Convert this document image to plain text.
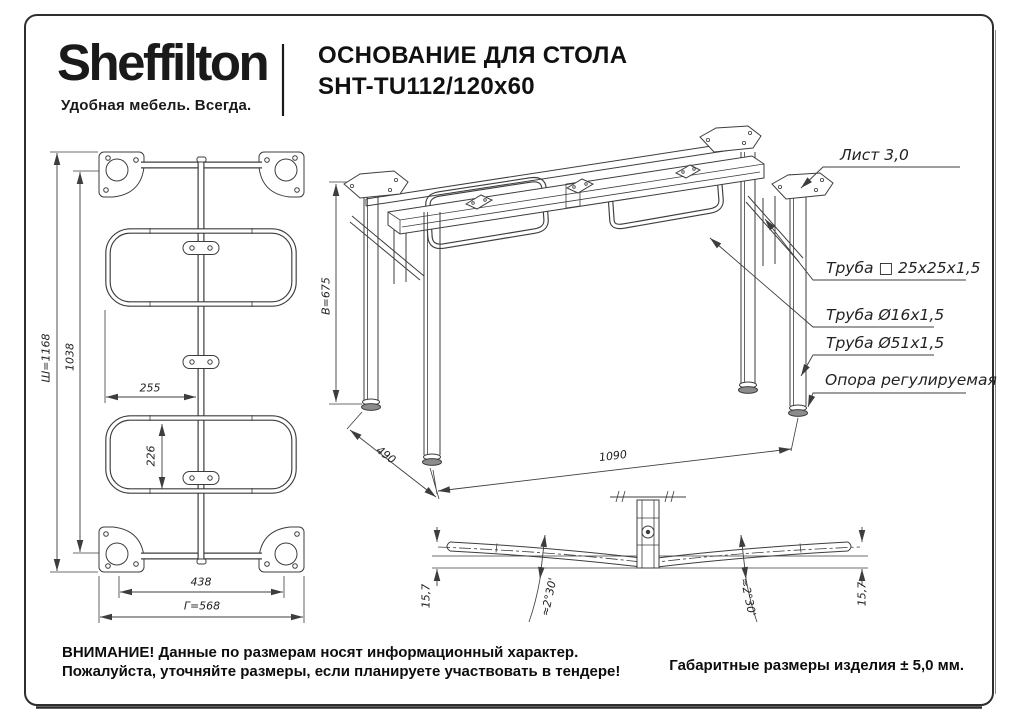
Sheffilton
Удобная мебель. Всегда.
ОСНОВАНИЕ ДЛЯ СТОЛА
SHT-TU112/120x60
Лист 3,0
Труба □ 25x25x1,5
Труба Ø16x1,5
Труба Ø51x1,5
Опора регулируемая
Ш=1168 1038
255
226
438
Г=568
В=675
490	1090
15,7	15,7
≈2°30'	≈2°30'
ВНИМАНИЕ! Данные по размерам носят информационный характер.
Пожалуйста, уточняйте размеры, если планируете участвовать в тендере!	Габаритные размеры изделия ± 5,0 мм.
